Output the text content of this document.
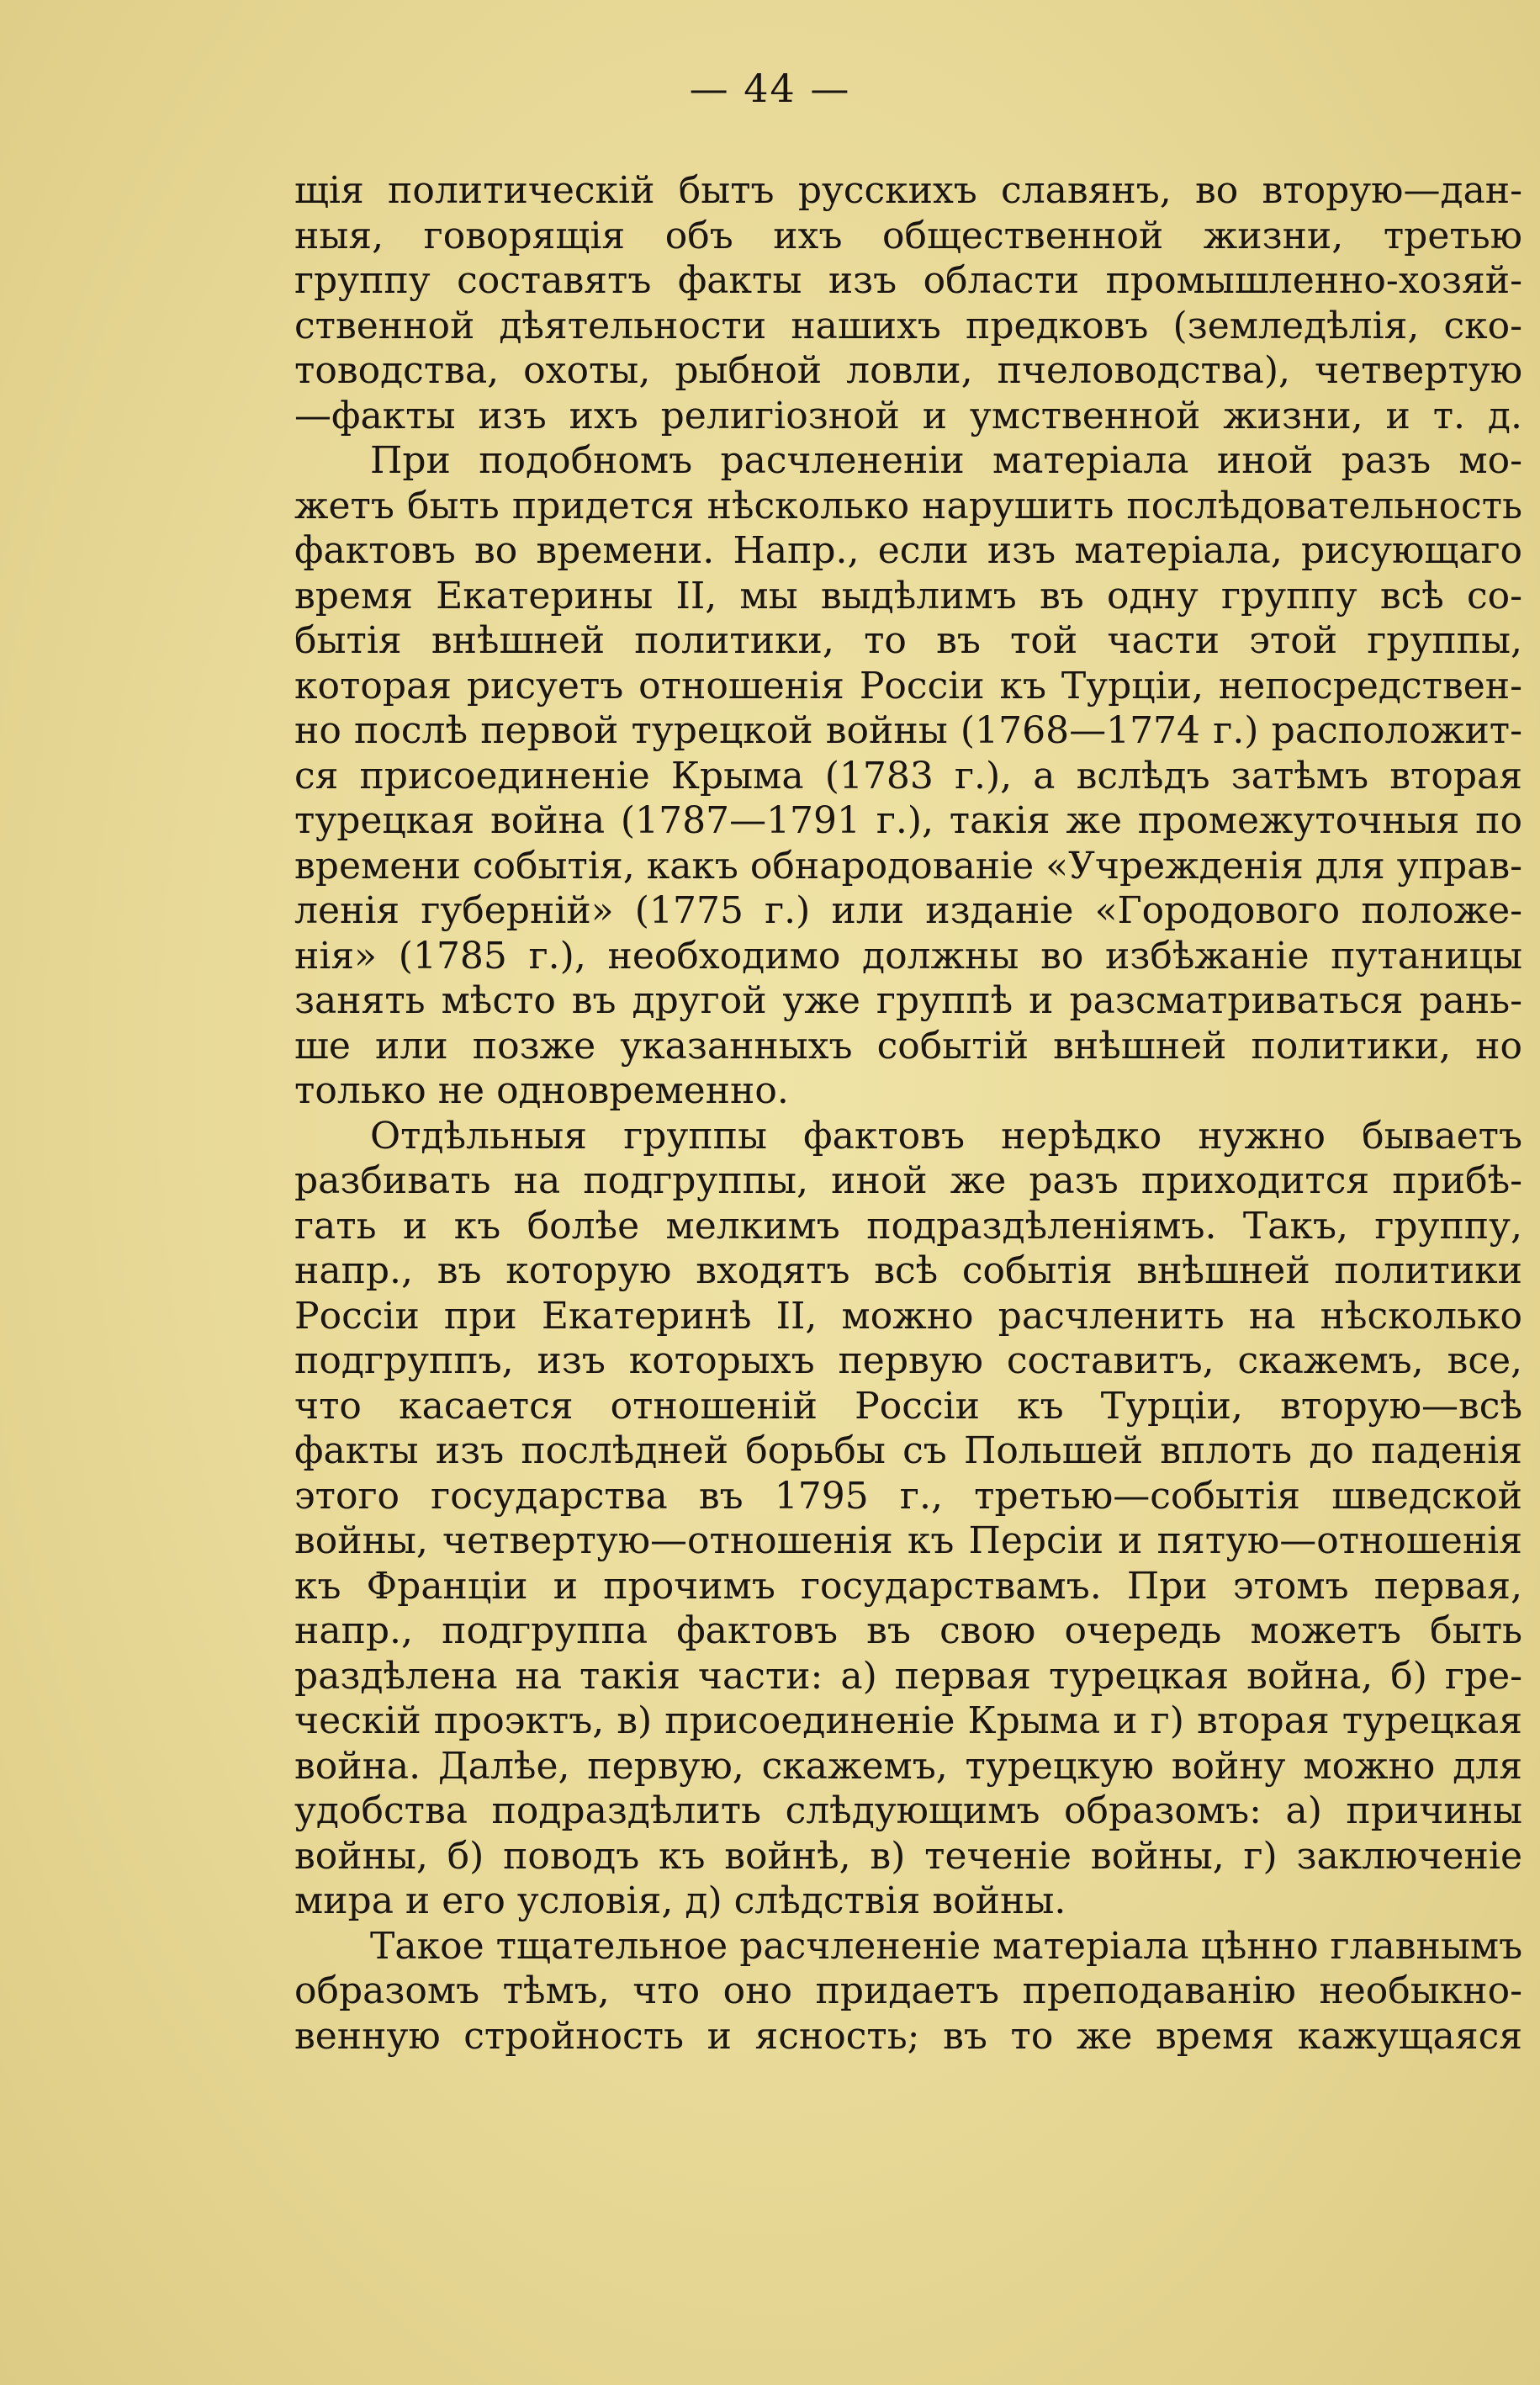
— 44 —
щія политическій бытъ русскихъ славянъ, во вторую—дан-
ныя, говорящія объ ихъ общественной жизни, третью
группу составятъ факты изъ области промышленно-хозяй-
ственной дѣятельности нашихъ предковъ (земледѣлія, ско-
товодства, охоты, рыбной ловли, пчеловодства), четвертую
—факты изъ ихъ религіозной и умственной жизни, и т. д.
При подобномъ расчлененіи матеріала иной разъ мо-
жетъ быть придется нѣсколько нарушить послѣдовательность
фактовъ во времени. Напр., если изъ матеріала, рисующаго
время Екатерины II, мы выдѣлимъ въ одну группу всѣ со-
бытія внѣшней политики, то въ той части этой группы,
которая рисуетъ отношенія Россіи къ Турціи, непосредствен-
но послѣ первой турецкой войны (1768—1774 г.) расположит-
ся присоединеніе Крыма (1783 г.), а вслѣдъ затѣмъ вторая
турецкая война (1787—1791 г.), такія же промежуточныя по
времени событія, какъ обнародованіе «Учрежденія для управ-
ленія губерній» (1775 г.) или изданіе «Городового положе-
нія» (1785 г.), необходимо должны во избѣжаніе путаницы
занять мѣсто въ другой уже группѣ и разсматриваться рань-
ше или позже указанныхъ событій внѣшней политики, но
только не одновременно.
Отдѣльныя группы фактовъ нерѣдко нужно бываетъ
разбивать на подгруппы, иной же разъ приходится прибѣ-
гать и къ болѣе мелкимъ подраздѣленіямъ. Такъ, группу,
напр., въ которую входятъ всѣ событія внѣшней политики
Россіи при Екатеринѣ II, можно расчленить на нѣсколько
подгруппъ, изъ которыхъ первую составитъ, скажемъ, все,
что касается отношеній Россіи къ Турціи, вторую—всѣ
факты изъ послѣдней борьбы съ Польшей вплоть до паденія
этого государства въ 1795 г., третью—событія шведской
войны, четвертую—отношенія къ Персіи и пятую—отношенія
къ Франціи и прочимъ государствамъ. При этомъ первая,
напр., подгруппа фактовъ въ свою очередь можетъ быть
раздѣлена на такія части: а) первая турецкая война, б) гре-
ческій проэктъ, в) присоединеніе Крыма и г) вторая турецкая
война. Далѣе, первую, скажемъ, турецкую войну можно для
удобства подраздѣлить слѣдующимъ образомъ: а) причины
войны, б) поводъ къ войнѣ, в) теченіе войны, г) заключеніе
мира и его условія, д) слѣдствія войны.
Такое тщательное расчлененіе матеріала цѣнно главнымъ
образомъ тѣмъ, что оно придаетъ преподаванію необыкно-
венную стройность и ясность; въ то же время кажущаяся
